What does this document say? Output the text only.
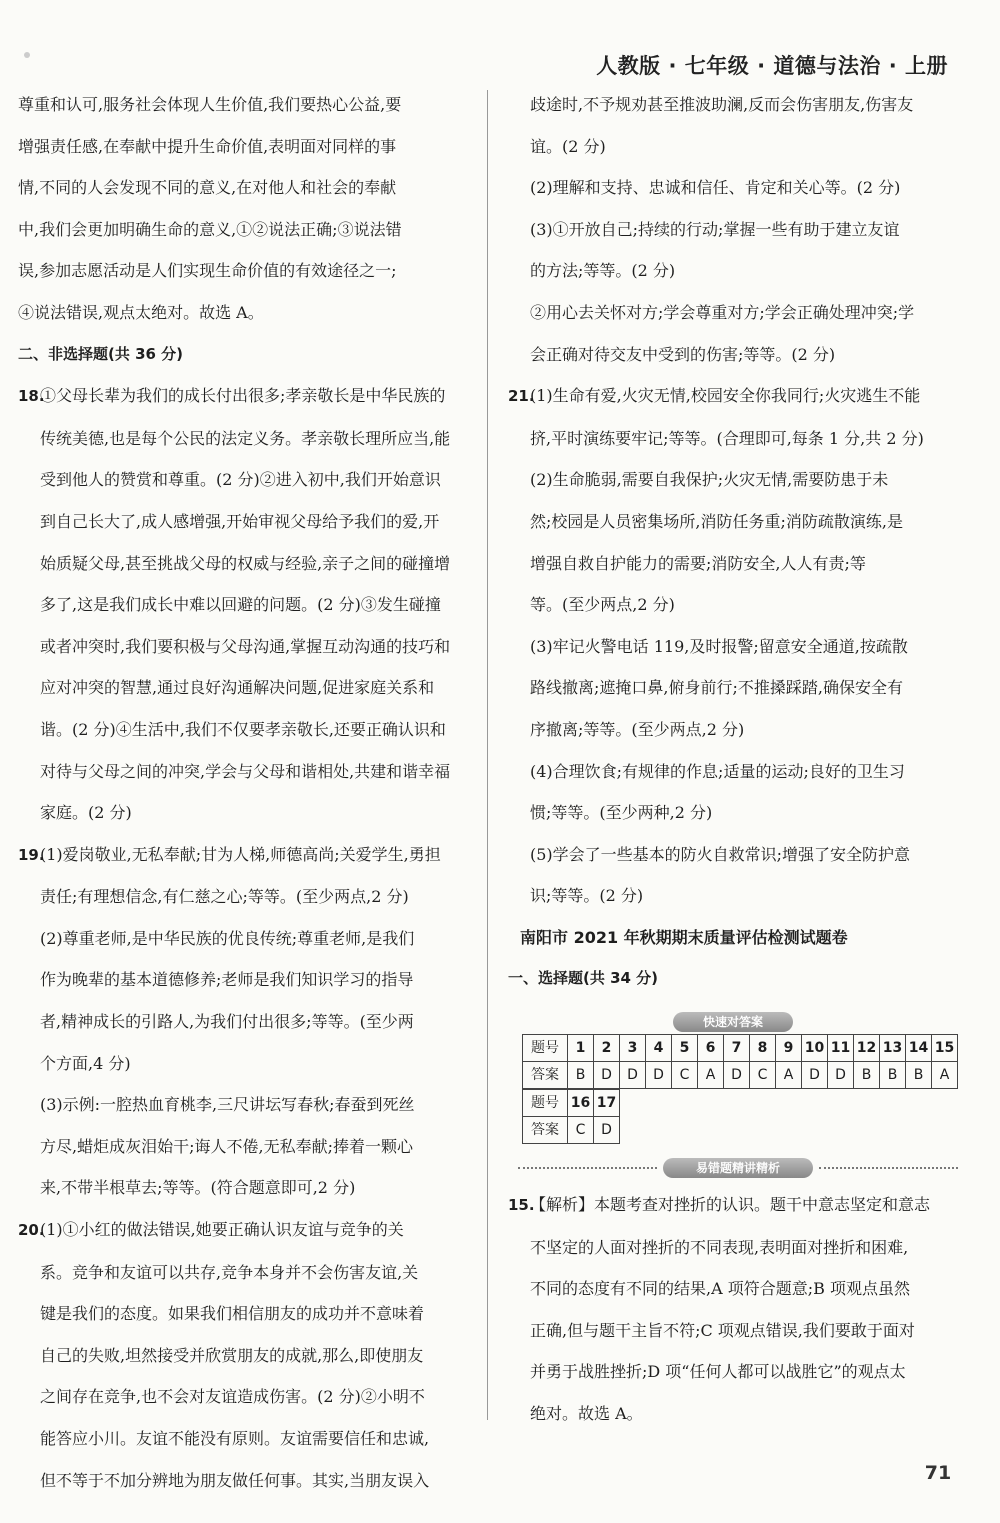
人教版 · 七年级 · 道德与法治 · 上册
尊重和认可,服务社会体现人生价值,我们要热心公益,要
增强责任感,在奉献中提升生命价值,表明面对同样的事
情,不同的人会发现不同的意义,在对他人和社会的奉献
中,我们会更加明确生命的意义,①②说法正确;③说法错
误,参加志愿活动是人们实现生命价值的有效途径之一;
④说法错误,观点太绝对。故选 A。
二、非选择题(共 36 分)
18.①父母长辈为我们的成长付出很多;孝亲敬长是中华民族的
传统美德,也是每个公民的法定义务。孝亲敬长理所应当,能
受到他人的赞赏和尊重。(2 分)②进入初中,我们开始意识
到自己长大了,成人感增强,开始审视父母给予我们的爱,开
始质疑父母,甚至挑战父母的权威与经验,亲子之间的碰撞增
多了,这是我们成长中难以回避的问题。(2 分)③发生碰撞
或者冲突时,我们要积极与父母沟通,掌握互动沟通的技巧和
应对冲突的智慧,通过良好沟通解决问题,促进家庭关系和
谐。(2 分)④生活中,我们不仅要孝亲敬长,还要正确认识和
对待与父母之间的冲突,学会与父母和谐相处,共建和谐幸福
家庭。(2 分)
19.(1)爱岗敬业,无私奉献;甘为人梯,师德高尚;关爱学生,勇担
责任;有理想信念,有仁慈之心;等等。(至少两点,2 分)
(2)尊重老师,是中华民族的优良传统;尊重老师,是我们
作为晚辈的基本道德修养;老师是我们知识学习的指导
者,精神成长的引路人,为我们付出很多;等等。(至少两
个方面,4 分)
(3)示例:一腔热血育桃李,三尺讲坛写春秋;春蚕到死丝
方尽,蜡炬成灰泪始干;诲人不倦,无私奉献;捧着一颗心
来,不带半根草去;等等。(符合题意即可,2 分)
20.(1)①小红的做法错误,她要正确认识友谊与竞争的关
系。竞争和友谊可以共存,竞争本身并不会伤害友谊,关
键是我们的态度。如果我们相信朋友的成功并不意味着
自己的失败,坦然接受并欣赏朋友的成就,那么,即使朋友
之间存在竞争,也不会对友谊造成伤害。(2 分)②小明不
能答应小川。友谊不能没有原则。友谊需要信任和忠诚,
但不等于不加分辨地为朋友做任何事。其实,当朋友误入
歧途时,不予规劝甚至推波助澜,反而会伤害朋友,伤害友
谊。(2 分)
(2)理解和支持、忠诚和信任、肯定和关心等。(2 分)
(3)①开放自己;持续的行动;掌握一些有助于建立友谊
的方法;等等。(2 分)
②用心去关怀对方;学会尊重对方;学会正确处理冲突;学
会正确对待交友中受到的伤害;等等。(2 分)
21.(1)生命有爱,火灾无情,校园安全你我同行;火灾逃生不能
挤,平时演练要牢记;等等。(合理即可,每条 1 分,共 2 分)
(2)生命脆弱,需要自我保护;火灾无情,需要防患于未
然;校园是人员密集场所,消防任务重;消防疏散演练,是
增强自救自护能力的需要;消防安全,人人有责;等
等。(至少两点,2 分)
(3)牢记火警电话 119,及时报警;留意安全通道,按疏散
路线撤离;遮掩口鼻,俯身前行;不推搡踩踏,确保安全有
序撤离;等等。(至少两点,2 分)
(4)合理饮食;有规律的作息;适量的运动;良好的卫生习
惯;等等。(至少两种,2 分)
(5)学会了一些基本的防火自救常识;增强了安全防护意
识;等等。(2 分)
南阳市 2021 年秋期期末质量评估检测试题卷
一、选择题(共 34 分)
快速对答案
题号	1	2	3	4	5	6	7	8	9	10	11	12	13	14	15
答案	B	D	D	D	C	A	D	C	A	D	D	B	B	B	A
题号	16	17
答案	C	D
易错题精讲精析
15.【解析】本题考查对挫折的认识。题干中意志坚定和意志
不坚定的人面对挫折的不同表现,表明面对挫折和困难,
不同的态度有不同的结果,A 项符合题意;B 项观点虽然
正确,但与题干主旨不符;C 项观点错误,我们要敢于面对
并勇于战胜挫折;D 项“任何人都可以战胜它”的观点太
绝对。故选 A。
71
